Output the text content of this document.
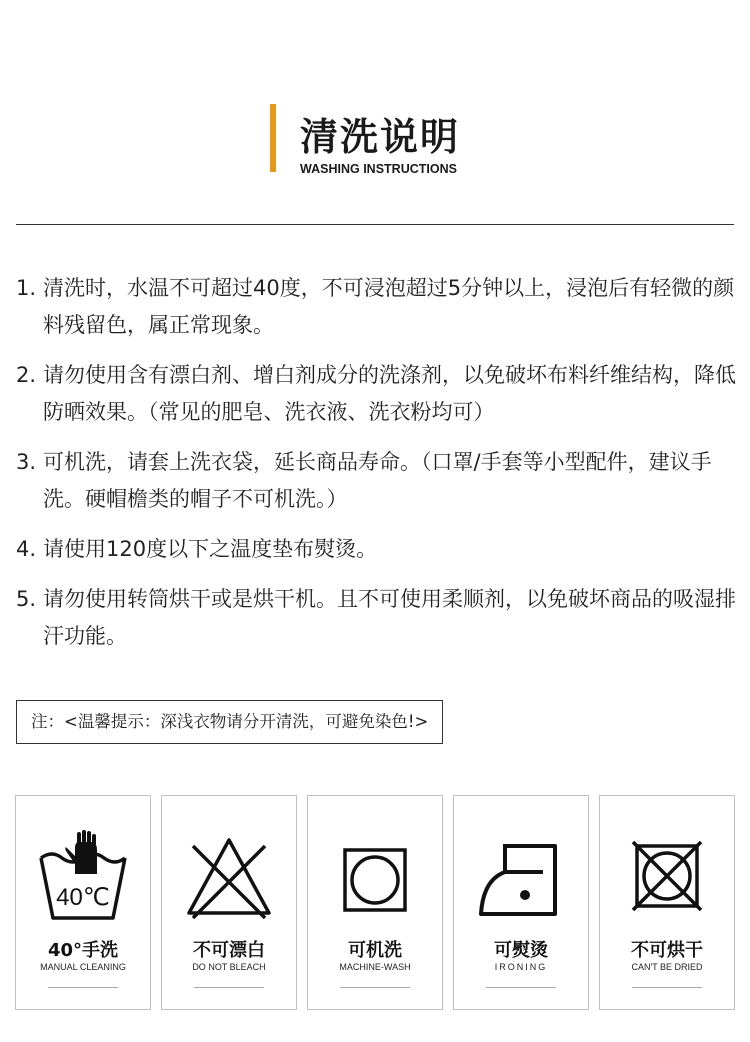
清洗说明
WASHING INSTRUCTIONS
1. 清洗时，水温不可超过40度，不可浸泡超过5分钟以上，浸泡后有轻微的颜料残留色，属正常现象。
2. 请勿使用含有漂白剂、增白剂成分的洗涤剂，以免破坏布料纤维结构，降低防晒效果。（常见的肥皂、洗衣液、洗衣粉均可）
3. 可机洗，请套上洗衣袋，延长商品寿命。（口罩/手套等小型配件，建议手洗。硬帽檐类的帽子不可机洗。）
4. 请使用120度以下之温度垫布熨烫。
5. 请勿使用转筒烘干或是烘干机。且不可使用柔顺剂，以免破坏商品的吸湿排汗功能。
注：<温馨提示：深浅衣物请分开清洗，可避免染色!>
40℃
40°手洗
MANUAL CLEANING
不可漂白
DO NOT BLEACH
可机洗
MACHINE-WASH
可熨烫
IRONING
不可烘干
CAN'T BE DRIED
